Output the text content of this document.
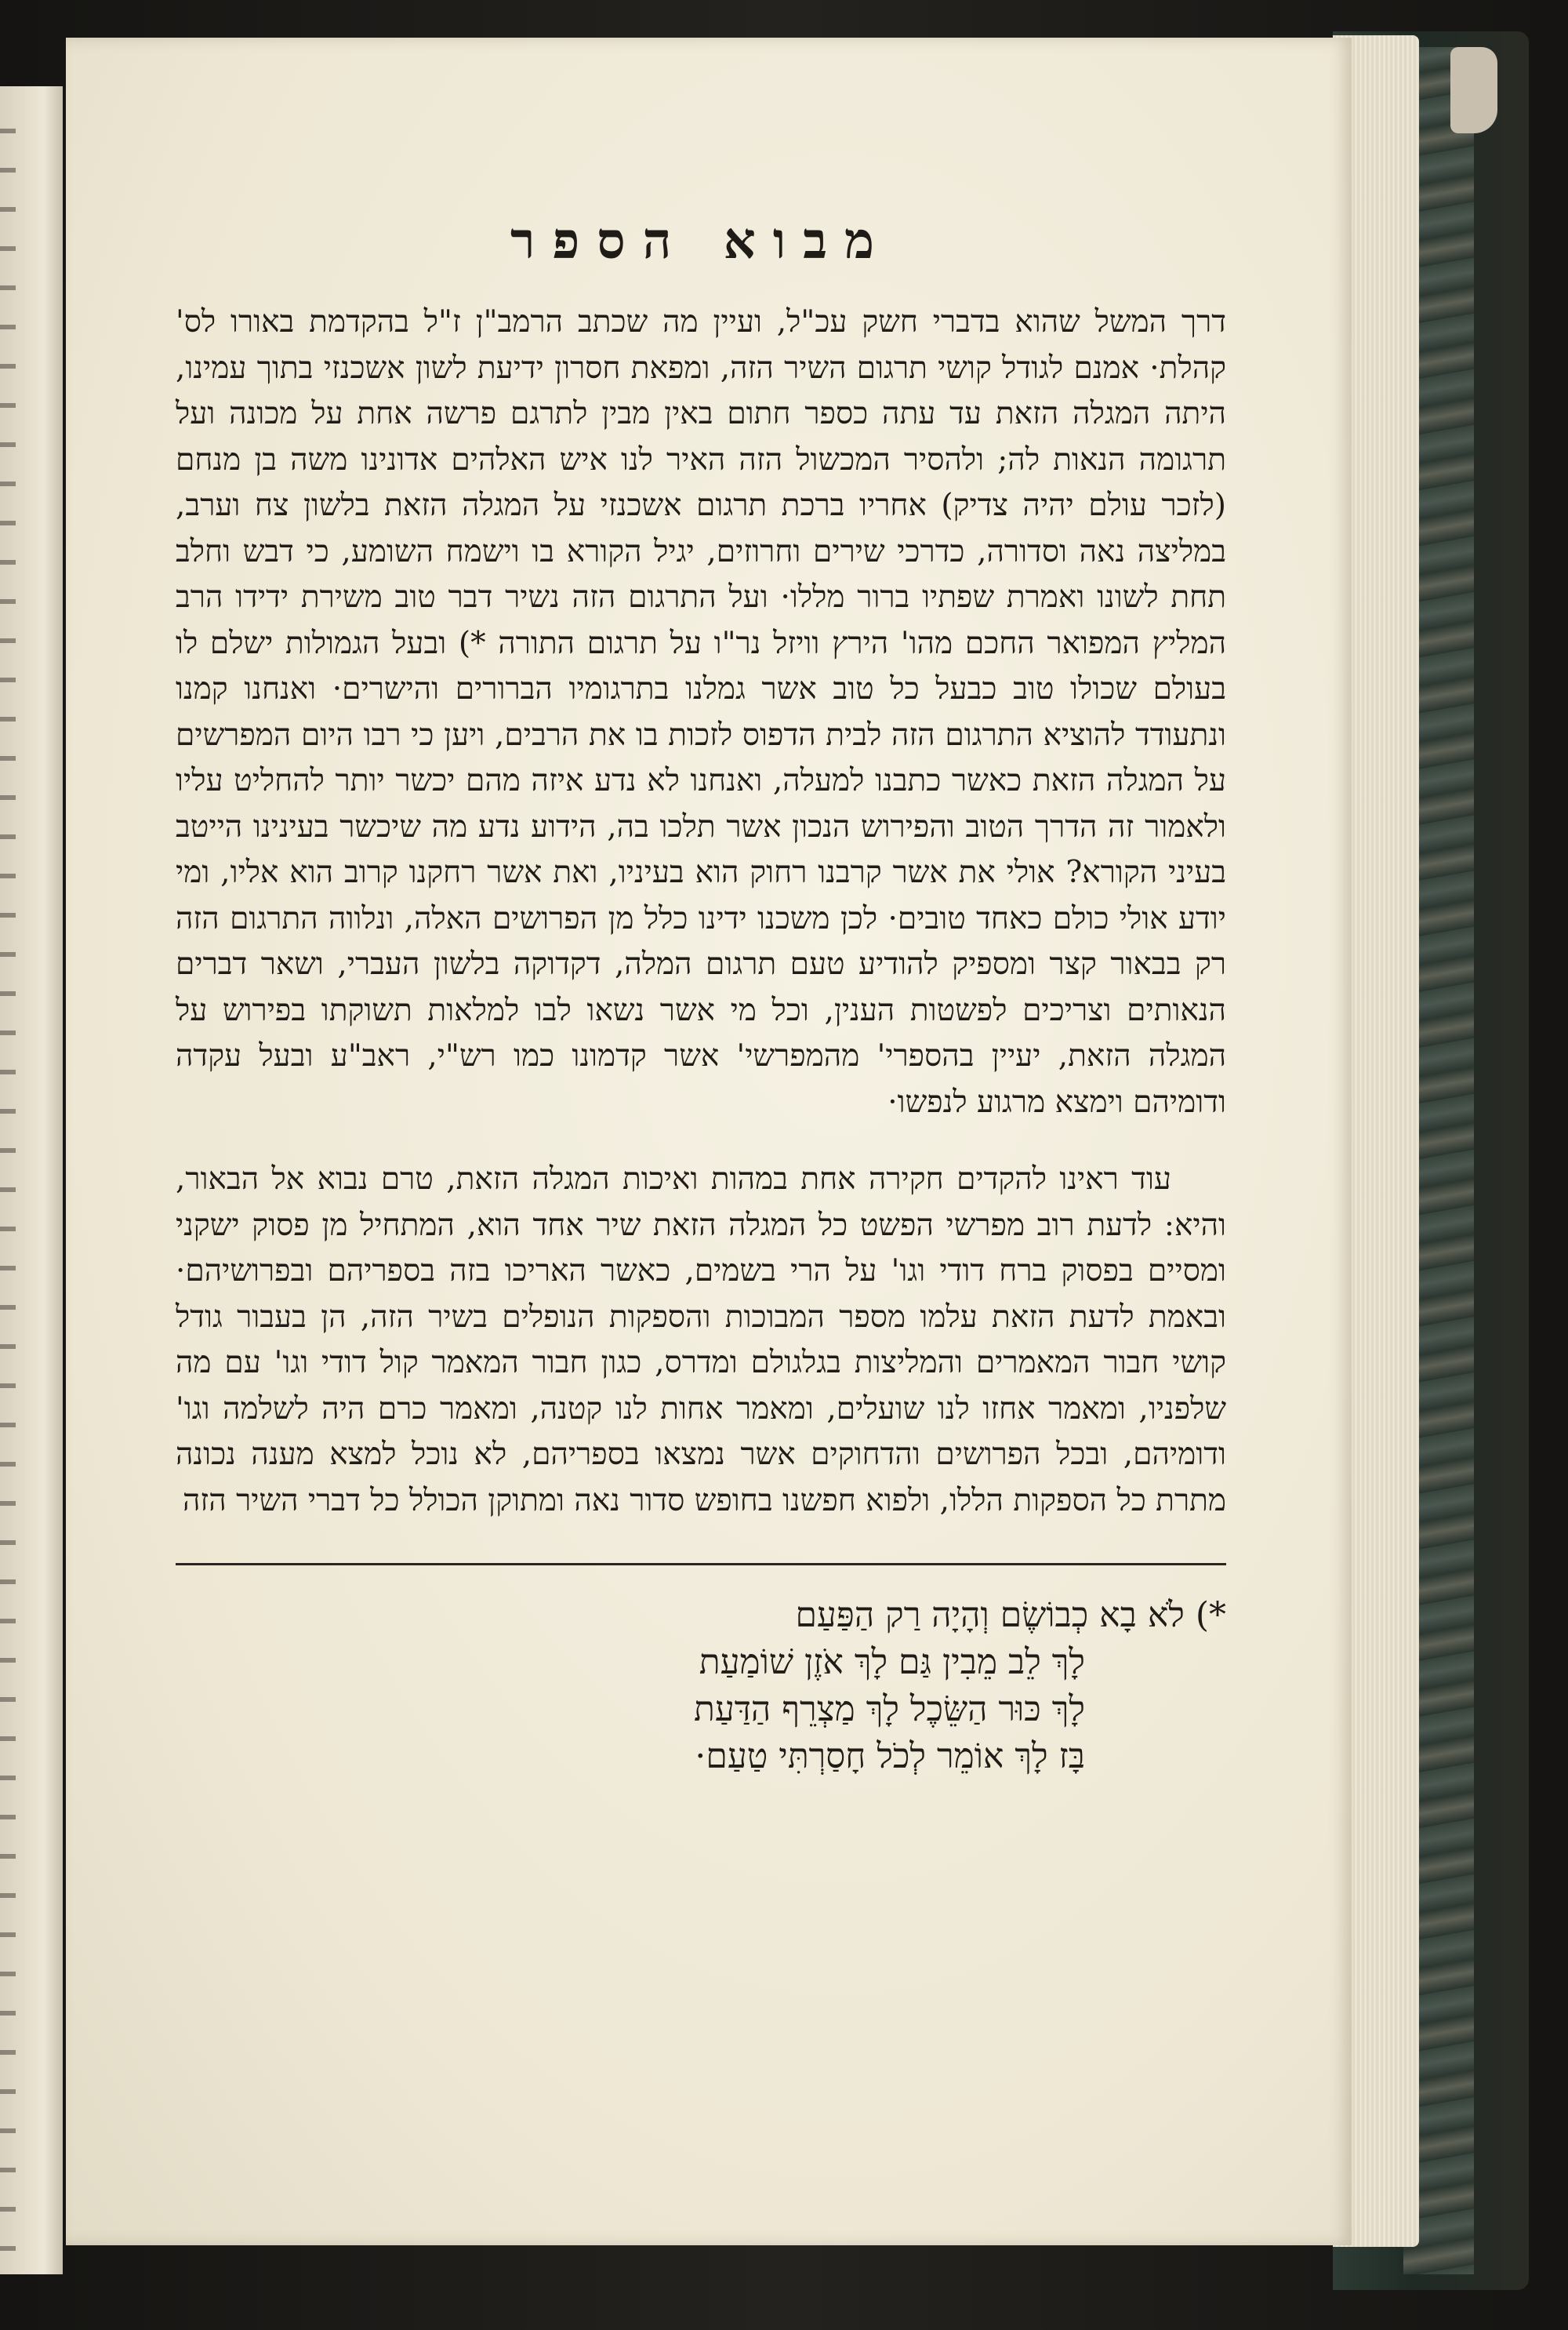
מבוא הספר

דרך המשל שהוא בדברי חשק עכ"ל, ועיין מה שכתב הרמב"ן ז"ל בהקדמת באורו לס' קהלת· אמנם לגודל קושי תרגום השיר הזה, ומפאת חסרון ידיעת לשון אשכנזי בתוך עמינו, היתה המגלה הזאת עד עתה כספר חתום באין מבין לתרגם פרשה אחת על מכונה ועל תרגומה הנאות לה; ולהסיר המכשול הזה האיר לנו איש האלהים אדונינו משה בן מנחם (לזכר עולם יהיה צדיק) אחריו ברכת תרגום אשכנזי על המגלה הזאת בלשון צח וערב, במליצה נאה וסדורה, כדרכי שירים וחרוזים, יגיל הקורא בו וישמח השומע, כי דבש וחלב תחת לשונו ואמרת שפתיו ברור מללו· ועל התרגום הזה נשיר דבר טוב משירת ידידו הרב המליץ המפואר החכם מהו' הירץ וויזל נר"ו על תרגום התורה *) ובעל הגמולות ישלם לו בעולם שכולו טוב כבעל כל טוב אשר גמלנו בתרגומיו הברורים והישרים· ואנחנו קמנו ונתעודד להוציא התרגום הזה לבית הדפוס לזכות בו את הרבים, ויען כי רבו היום המפרשים על המגלה הזאת כאשר כתבנו למעלה, ואנחנו לא נדע איזה מהם יכשר יותר להחליט עליו ולאמור זה הדרך הטוב והפירוש הנכון אשר תלכו בה, הידוע נדע מה שיכשר בעינינו הייטב בעיני הקורא? אולי את אשר קרבנו רחוק הוא בעיניו, ואת אשר רחקנו קרוב הוא אליו, ומי יודע אולי כולם כאחד טובים· לכן משכנו ידינו כלל מן הפרושים האלה, ונלווה התרגום הזה רק בבאור קצר ומספיק להודיע טעם תרגום המלה, דקדוקה בלשון העברי, ושאר דברים הנאותים וצריכים לפשטות הענין, וכל מי אשר נשאו לבו למלאות תשוקתו בפירוש על המגלה הזאת, יעיין בהספרי' מהמפרשי' אשר קדמונו כמו רש"י, ראב"ע ובעל עקדה ודומיהם וימצא מרגוע לנפשו·

עוד ראינו להקדים חקירה אחת במהות ואיכות המגלה הזאת, טרם נבוא אל הבאור, והיא: לדעת רוב מפרשי הפשט כל המגלה הזאת שיר אחד הוא, המתחיל מן פסוק ישקני ומסיים בפסוק ברח דודי וגו' על הרי בשמים, כאשר האריכו בזה בספריהם ובפרושיהם· ובאמת לדעת הזאת עלמו מספר המבוכות והספקות הנופלים בשיר הזה, הן בעבור גודל קושי חבור המאמרים והמליצות בגלגולם ומדרס, כגון חבור המאמר קול דודי וגו' עם מה שלפניו, ומאמר אחזו לנו שועלים, ומאמר אחות לנו קטנה, ומאמר כרם היה לשלמה וגו' ודומיהם, ובכל הפרושים והדחוקים אשר נמצאו בספריהם, לא נוכל למצא מענה נכונה מתרת כל הספקות הללו, ולפוא חפשנו בחופש סדור נאה ומתוקן הכולל כל דברי השיר הזה

*) לֹא בָא כְבוֹשֶׂם וְהָיָה רַק הַפַּעַם
לָךְ לֵב מֵבִין גַּם לָךְ אֹזֶן שׁוֹמַעַת
לָךְ כּוּר הַשֵּׂכֶל לָךְ מַצְרֵף הַדַּעַת
בָּז לָךְ אוֹמֵר לְכֹל חָסַרְתִּי טַעַם·
